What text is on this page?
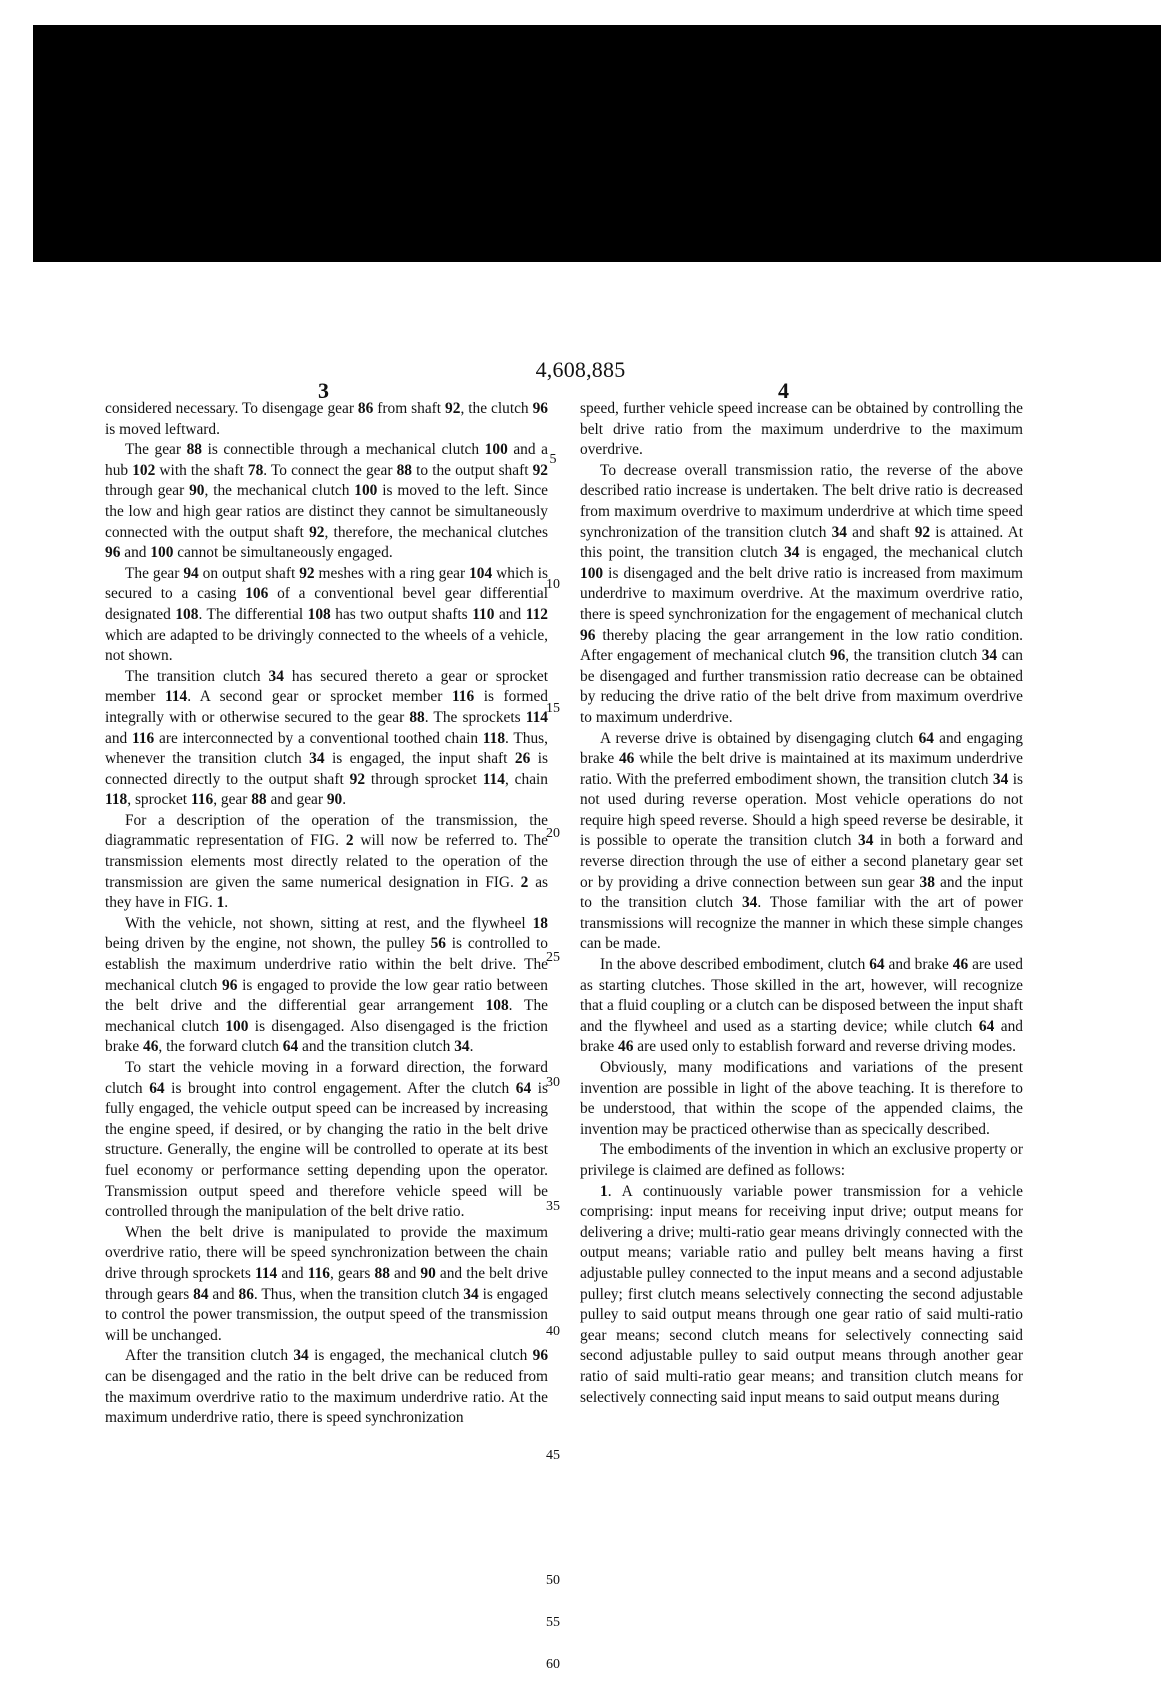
4,608,885
3	4

considered necessary. To disengage gear 86 from shaft 92, the clutch 96 is moved leftward.

The gear 88 is connectible through a mechanical clutch 100 and a hub 102 with the shaft 78. To connect the gear 88 to the output shaft 92 through gear 90, the mechanical clutch 100 is moved to the left. Since the low and high gear ratios are distinct they cannot be simultaneously connected with the output shaft 92, therefore, the mechanical clutches 96 and 100 cannot be simultaneously engaged.

The gear 94 on output shaft 92 meshes with a ring gear 104 which is secured to a casing 106 of a conventional bevel gear differential designated 108. The differential 108 has two output shafts 110 and 112 which are adapted to be drivingly connected to the wheels of a vehicle, not shown.

The transition clutch 34 has secured thereto a gear or sprocket member 114. A second gear or sprocket member 116 is formed integrally with or otherwise secured to the gear 88. The sprockets 114 and 116 are interconnected by a conventional toothed chain 118. Thus, whenever the transition clutch 34 is engaged, the input shaft 26 is connected directly to the output shaft 92 through sprocket 114, chain 118, sprocket 116, gear 88 and gear 90.

For a description of the operation of the transmission, the diagrammatic representation of FIG. 2 will now be referred to. The transmission elements most directly related to the operation of the transmission are given the same numerical designation in FIG. 2 as they have in FIG. 1.

With the vehicle, not shown, sitting at rest, and the flywheel 18 being driven by the engine, not shown, the pulley 56 is controlled to establish the maximum underdrive ratio within the belt drive. The mechanical clutch 96 is engaged to provide the low gear ratio between the belt drive and the differential gear arrangement 108. The mechanical clutch 100 is disengaged. Also disengaged is the friction brake 46, the forward clutch 64 and the transition clutch 34.

To start the vehicle moving in a forward direction, the forward clutch 64 is brought into control engagement. After the clutch 64 is fully engaged, the vehicle output speed can be increased by increasing the engine speed, if desired, or by changing the ratio in the belt drive structure. Generally, the engine will be controlled to operate at its best fuel economy or performance setting depending upon the operator. Transmission output speed and therefore vehicle speed will be controlled through the manipulation of the belt drive ratio.

When the belt drive is manipulated to provide the maximum overdrive ratio, there will be speed synchronization between the chain drive through sprockets 114 and 116, gears 88 and 90 and the belt drive through gears 84 and 86. Thus, when the transition clutch 34 is engaged to control the power transmission, the output speed of the transmission will be unchanged.

After the transition clutch 34 is engaged, the mechanical clutch 96 can be disengaged and the ratio in the belt drive can be reduced from the maximum overdrive ratio to the maximum underdrive ratio. At the maximum underdrive ratio, there is speed synchronization

speed, further vehicle speed increase can be obtained by controlling the belt drive ratio from the maximum underdrive to the maximum overdrive.

To decrease overall transmission ratio, the reverse of the above described ratio increase is undertaken. The belt drive ratio is decreased from maximum overdrive to maximum underdrive at which time speed synchronization of the transition clutch 34 and shaft 92 is attained. At this point, the transition clutch 34 is engaged, the mechanical clutch 100 is disengaged and the belt drive ratio is increased from maximum underdrive to maximum overdrive. At the maximum overdrive ratio, there is speed synchronization for the engagement of mechanical clutch 96 thereby placing the gear arrangement in the low ratio condition. After engagement of mechanical clutch 96, the transition clutch 34 can be disengaged and further transmission ratio decrease can be obtained by reducing the drive ratio of the belt drive from maximum overdrive to maximum underdrive.

A reverse drive is obtained by disengaging clutch 64 and engaging brake 46 while the belt drive is maintained at its maximum underdrive ratio. With the preferred embodiment shown, the transition clutch 34 is not used during reverse operation. Most vehicle operations do not require high speed reverse. Should a high speed reverse be desirable, it is possible to operate the transition clutch 34 in both a forward and reverse direction through the use of either a second planetary gear set or by providing a drive connection between sun gear 38 and the input to the transition clutch 34. Those familiar with the art of power transmissions will recognize the manner in which these simple changes can be made.

In the above described embodiment, clutch 64 and brake 46 are used as starting clutches. Those skilled in the art, however, will recognize that a fluid coupling or a clutch can be disposed between the input shaft and the flywheel and used as a starting device; while clutch 64 and brake 46 are used only to establish forward and reverse driving modes.

Obviously, many modifications and variations of the present invention are possible in light of the above teaching. It is therefore to be understood, that within the scope of the appended claims, the invention may be practiced otherwise than as specically described.

The embodiments of the invention in which an exclusive property or privilege is claimed are defined as follows:

1. A continuously variable power transmission for a vehicle comprising: input means for receiving input drive; output means for delivering a drive; multi-ratio gear means drivingly connected with the output means; variable ratio and pulley belt means having a first adjustable pulley connected to the input means and a second adjustable pulley; first clutch means selectively connecting the second adjustable pulley to said output means through one gear ratio of said multi-ratio gear means; second clutch means for selectively connecting said second adjustable pulley to said output means through another gear ratio of said multi-ratio gear means; and transition clutch means for selectively connecting said input means to said output means during

5
10
15
20
25
30
35
40
45
50
55
60
